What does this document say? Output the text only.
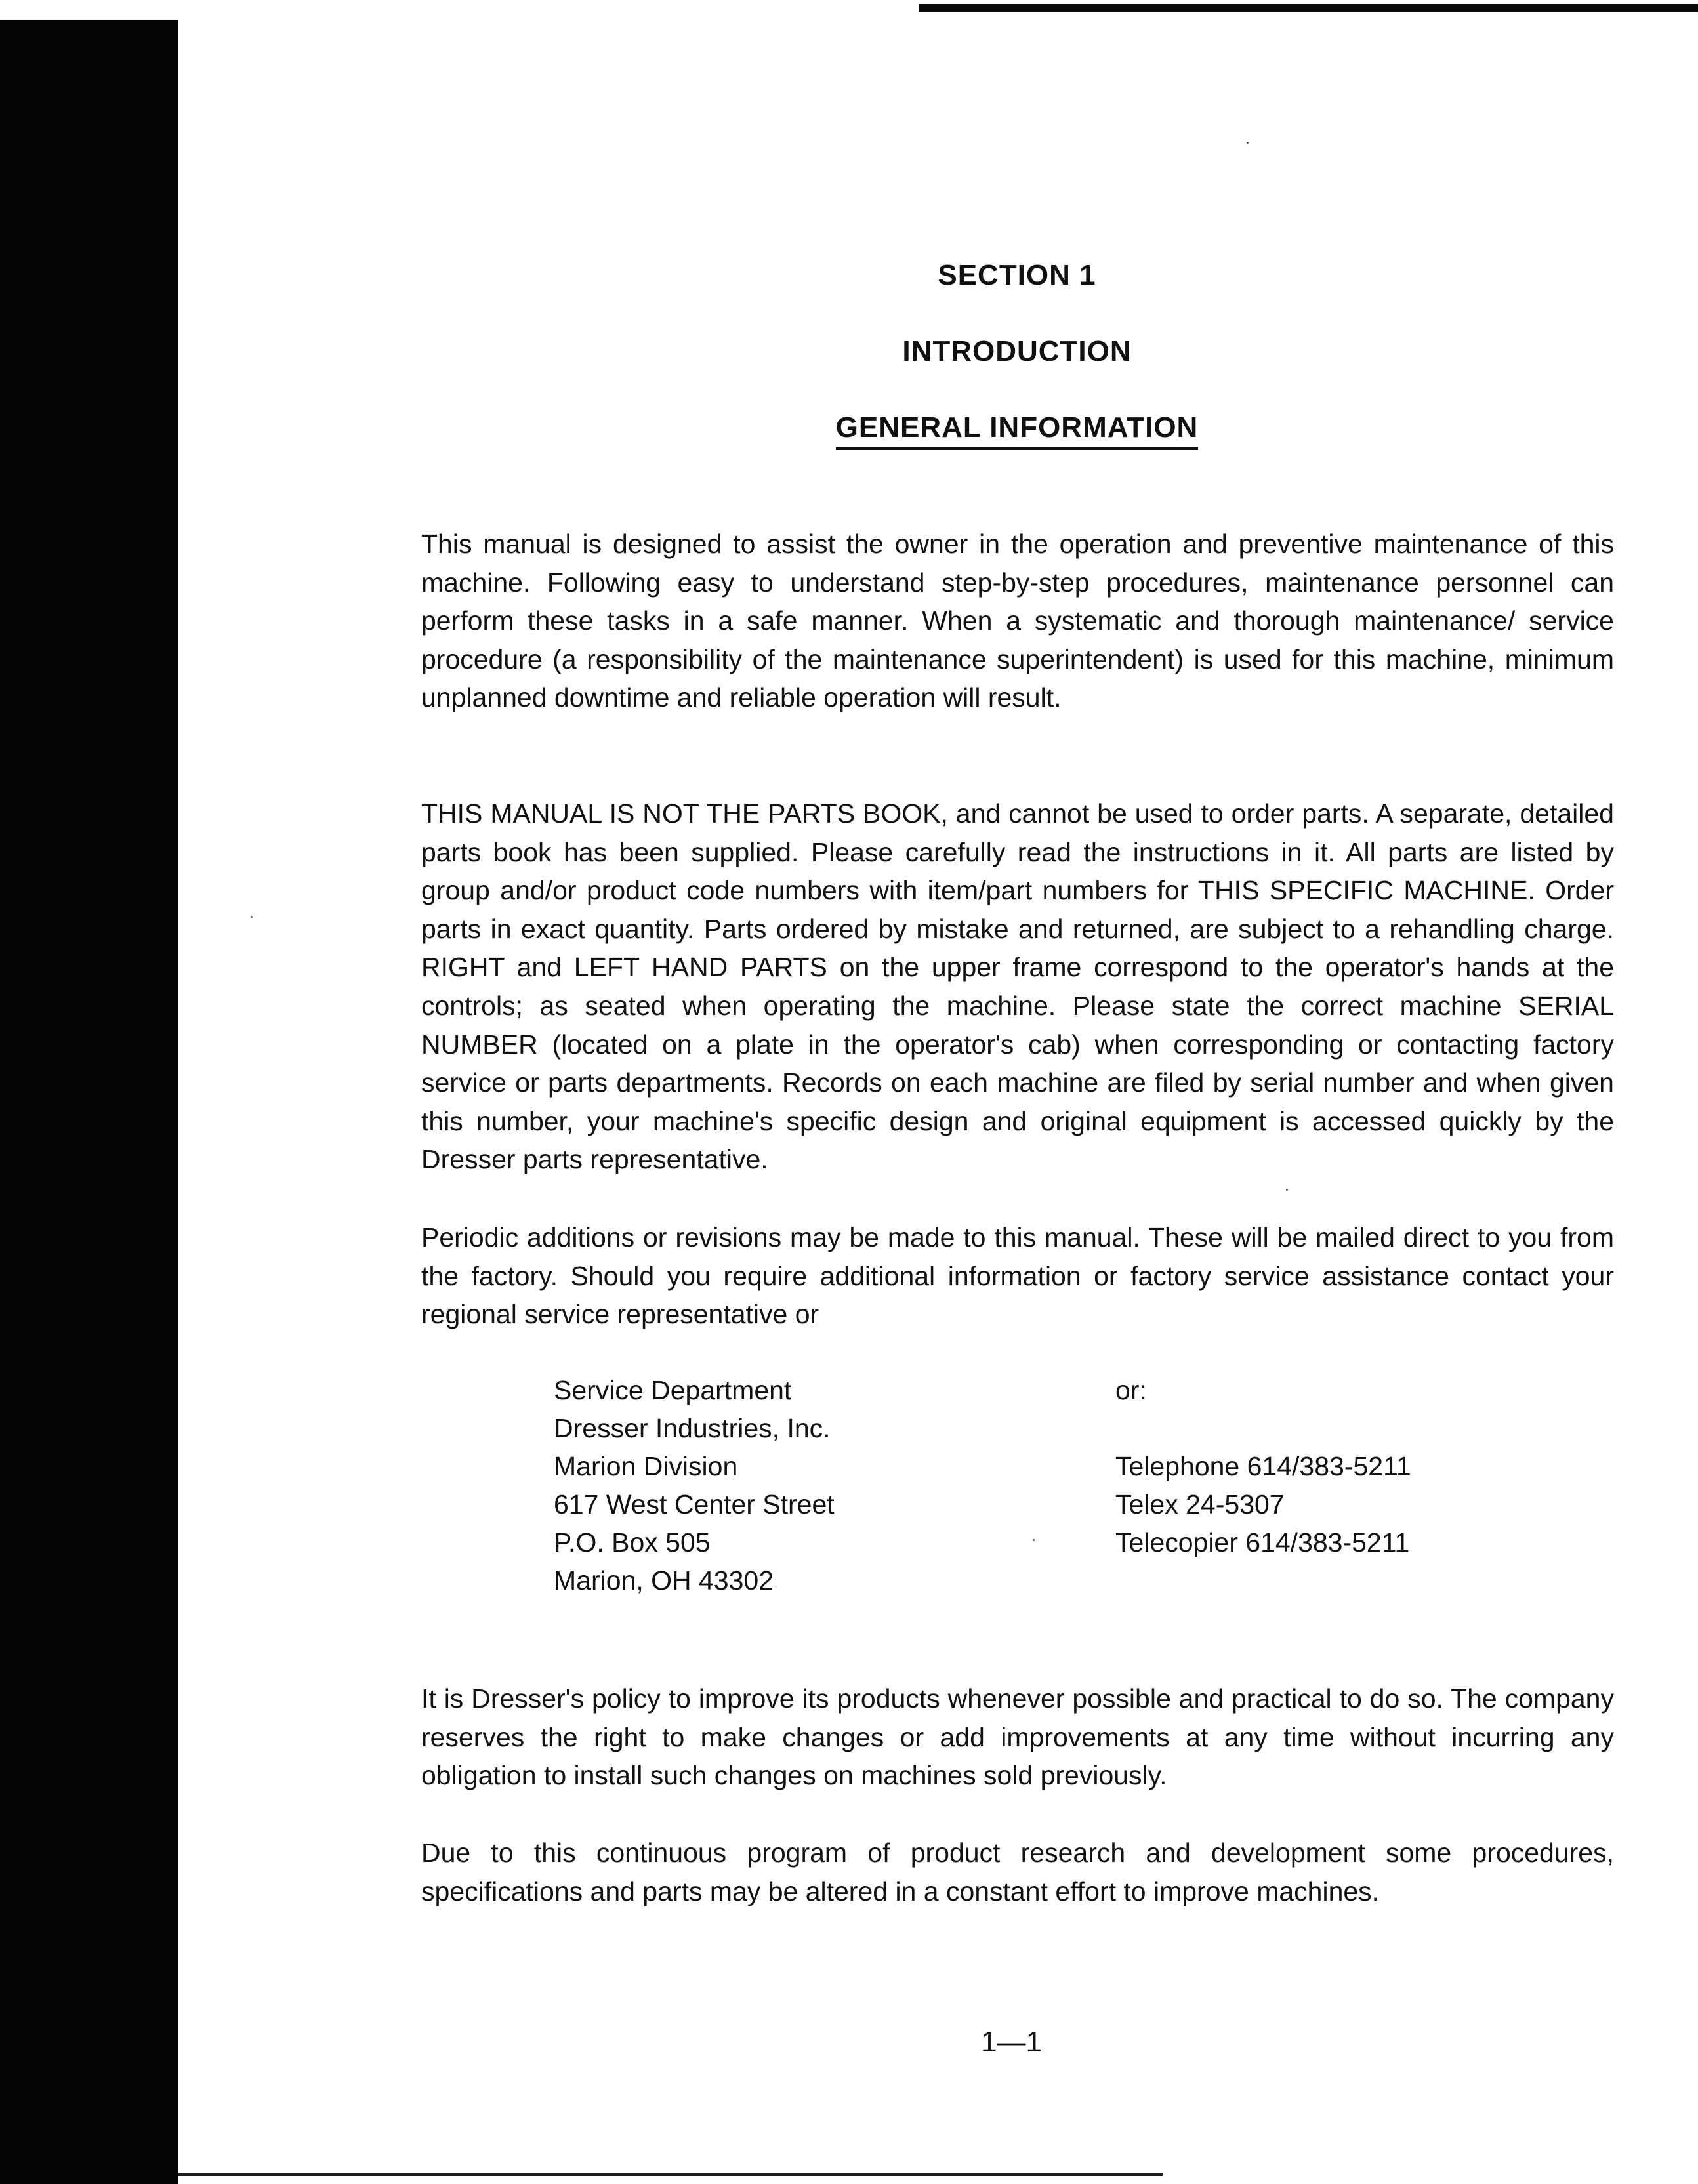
SECTION 1
INTRODUCTION
GENERAL INFORMATION

This manual is designed to assist the owner in the operation and preventive maintenance of this machine. Following easy to understand step-by-step procedures, maintenance personnel can perform these tasks in a safe manner. When a systematic and thorough maintenance/ service procedure (a responsibility of the maintenance superintendent) is used for this machine, minimum unplanned downtime and reliable operation will result.

THIS MANUAL IS NOT THE PARTS BOOK, and cannot be used to order parts. A separate, detailed parts book has been supplied. Please carefully read the instructions in it. All parts are listed by group and/or product code numbers with item/part numbers for THIS SPECIFIC MACHINE. Order parts in exact quantity. Parts ordered by mistake and returned, are subject to a rehandling charge. RIGHT and LEFT HAND PARTS on the upper frame correspond to the operator's hands at the controls; as seated when operating the machine. Please state the correct machine SERIAL NUMBER (located on a plate in the operator's cab) when corresponding or contacting factory service or parts departments. Records on each machine are filed by serial number and when given this number, your machine's specific design and original equipment is accessed quickly by the Dresser parts representative.

Periodic additions or revisions may be made to this manual. These will be mailed direct to you from the factory. Should you require additional information or factory service assistance contact your regional service representative or

Service Department
Dresser Industries, Inc.
Marion Division
617 West Center Street
P.O. Box 505
Marion, OH 43302
or:
Telephone 614/383-5211
Telex 24-5307
Telecopier 614/383-5211

It is Dresser's policy to improve its products whenever possible and practical to do so. The company reserves the right to make changes or add improvements at any time without incurring any obligation to install such changes on machines sold previously.

Due to this continuous program of product research and development some procedures, specifications and parts may be altered in a constant effort to improve machines.

1—1
